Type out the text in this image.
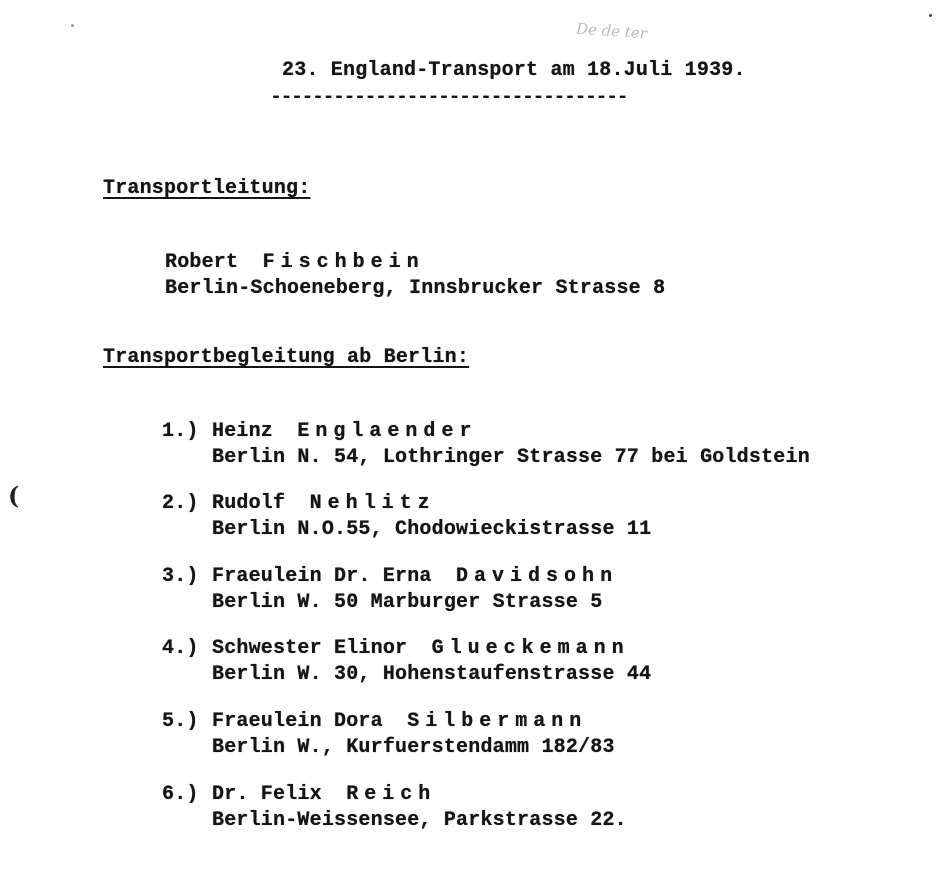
De de ter
23. England-Transport am 18.Juli 1939.
----------------------------------
Transportleitung:
Robert Fischbein
Berlin-Schoeneberg, Innsbrucker Strasse 8
Transportbegleitung ab Berlin:
1.) Heinz Englaender
Berlin N. 54, Lothringer Strasse 77 bei Goldstein
2.) Rudolf Nehlitz
Berlin N.O.55, Chodowieckistrasse 11
3.) Fraeulein Dr. Erna Davidsohn
Berlin W. 50 Marburger Strasse 5
4.) Schwester Elinor Glueckemann
Berlin W. 30, Hohenstaufenstrasse 44
5.) Fraeulein Dora Silbermann
Berlin W., Kurfuerstendamm 182/83
6.) Dr. Felix Reich
Berlin-Weissensee, Parkstrasse 22.
(
